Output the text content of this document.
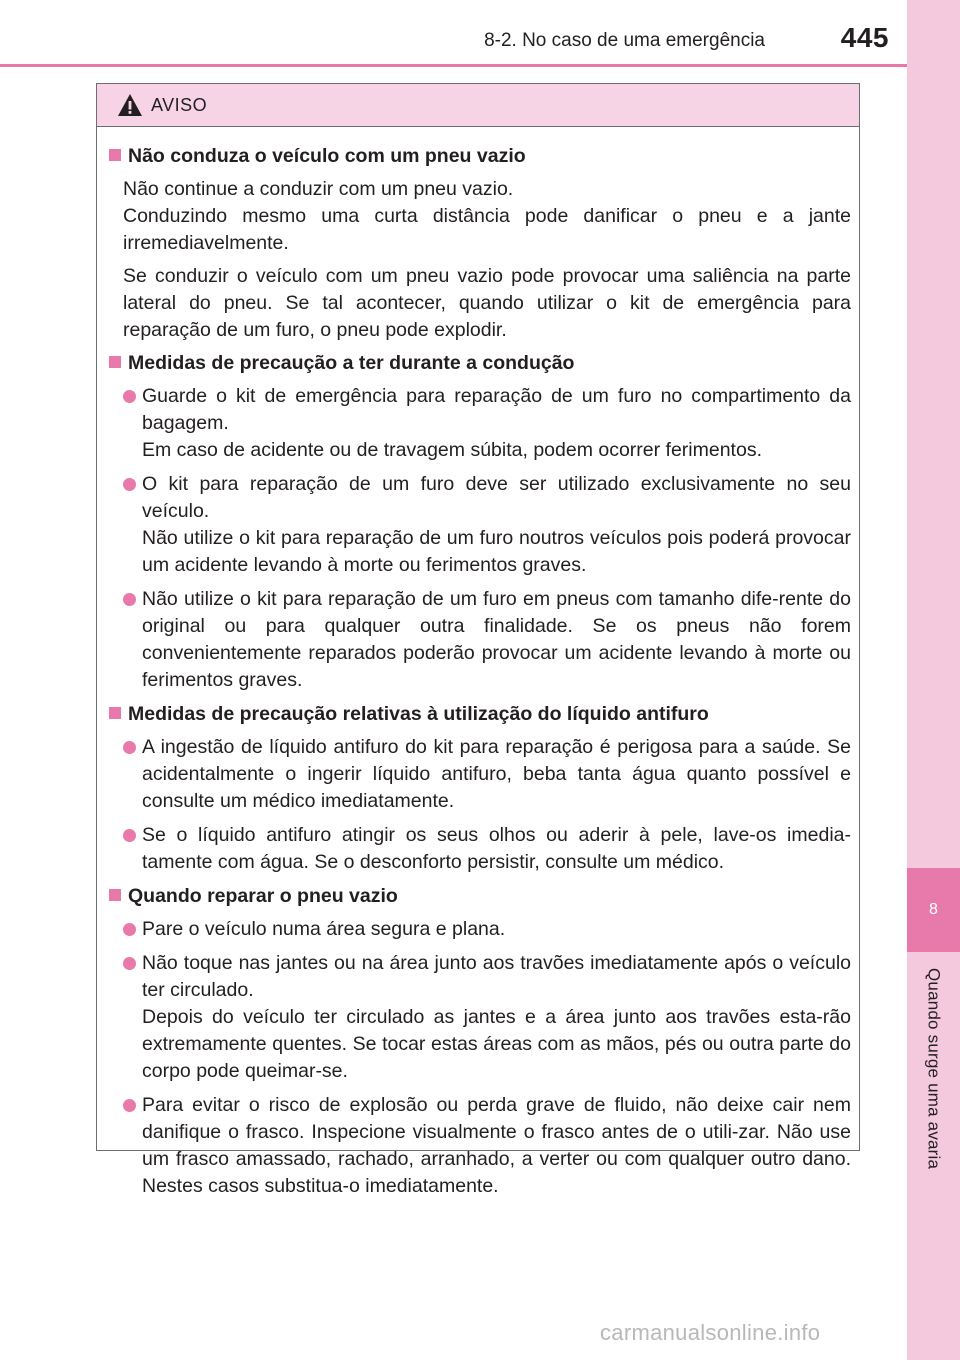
8
Quando surge uma avaria
8-2. No caso de uma emergência	445
AVISO
Não conduza o veículo com um pneu vazio
Não continue a conduzir com um pneu vazio.
Conduzindo mesmo uma curta distância pode danificar o pneu e a jante irremediavelmente.
Se conduzir o veículo com um pneu vazio pode provocar uma saliência na parte lateral do pneu. Se tal acontecer, quando utilizar o kit de emergência para reparação de um furo, o pneu pode explodir.
Medidas de precaução a ter durante a condução
Guarde o kit de emergência para reparação de um furo no compartimento da bagagem.
Em caso de acidente ou de travagem súbita, podem ocorrer ferimentos.
O kit para reparação de um furo deve ser utilizado exclusivamente no seu veículo.
Não utilize o kit para reparação de um furo noutros veículos pois poderá provocar um acidente levando à morte ou ferimentos graves.
Não utilize o kit para reparação de um furo em pneus com tamanho dife-rente do original ou para qualquer outra finalidade. Se os pneus não forem convenientemente reparados poderão provocar um acidente levando à morte ou ferimentos graves.
Medidas de precaução relativas à utilização do líquido antifuro
A ingestão de líquido antifuro do kit para reparação é perigosa para a saúde. Se acidentalmente o ingerir líquido antifuro, beba tanta água quanto possível e consulte um médico imediatamente.
Se o líquido antifuro atingir os seus olhos ou aderir à pele, lave-os imedia-tamente com água. Se o desconforto persistir, consulte um médico.
Quando reparar o pneu vazio
Pare o veículo numa área segura e plana.
Não toque nas jantes ou na área junto aos travões imediatamente após o veículo ter circulado.
Depois do veículo ter circulado as jantes e a área junto aos travões esta-rão extremamente quentes. Se tocar estas áreas com as mãos, pés ou outra parte do corpo pode queimar-se.
Para evitar o risco de explosão ou perda grave de fluido, não deixe cair nem danifique o frasco. Inspecione visualmente o frasco antes de o utili-zar. Não use um frasco amassado, rachado, arranhado, a verter ou com qualquer outro dano. Nestes casos substitua-o imediatamente.
carmanualsonline.info
